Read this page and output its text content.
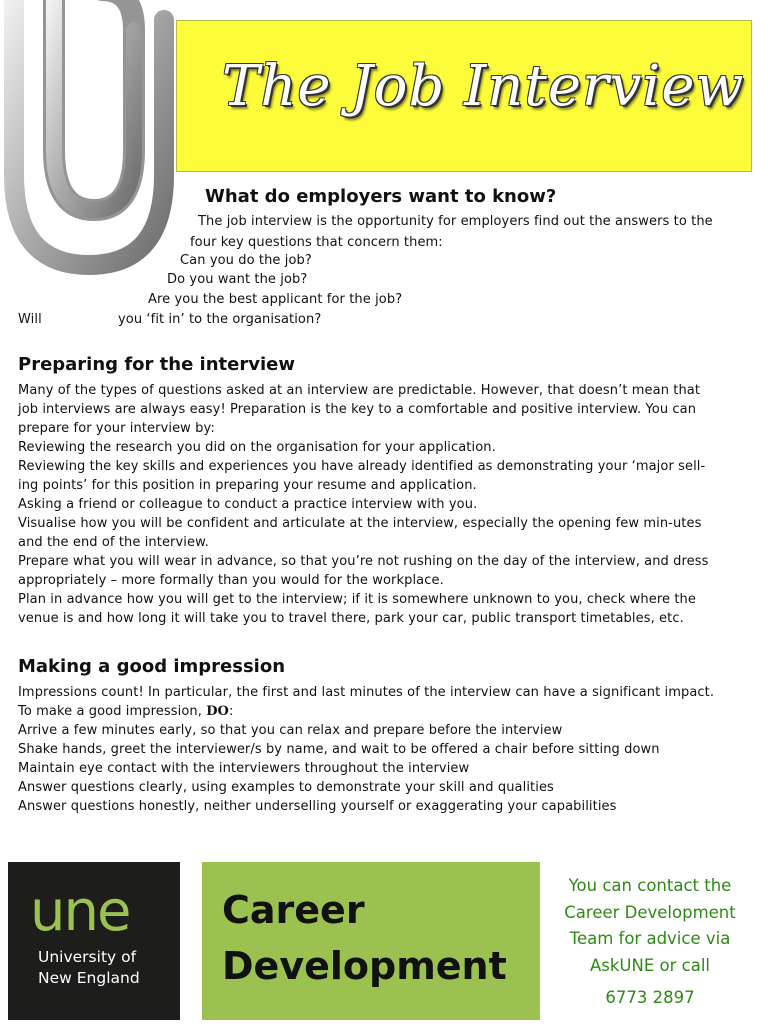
The Job Interview
What do employers want to know?
The job interview is the opportunity for employers find out the answers to the
four key questions that concern them:
Can you do the job?
Do you want the job?
Are you the best applicant for the job?
Will	you ‘fit in’ to the organisation?
Preparing for the interview
Many of the types of questions asked at an interview are predictable. However, that doesn’t mean that
job interviews are always easy! Preparation is the key to a comfortable and positive interview. You can
prepare for your interview by:
Reviewing the research you did on the organisation for your application.
Reviewing the key skills and experiences you have already identified as demonstrating your ‘major sell-
ing points’ for this position in preparing your resume and application.
Asking a friend or colleague to conduct a practice interview with you.
Visualise how you will be confident and articulate at the interview, especially the opening few min-utes
and the end of the interview.
Prepare what you will wear in advance, so that you’re not rushing on the day of the interview, and dress
appropriately – more formally than you would for the workplace.
Plan in advance how you will get to the interview; if it is somewhere unknown to you, check where the
venue is and how long it will take you to travel there, park your car, public transport timetables, etc.
Making a good impression
Impressions count! In particular, the first and last minutes of the interview can have a significant impact.
To make a good impression, DO:
Arrive a few minutes early, so that you can relax and prepare before the interview
Shake hands, greet the interviewer/s by name, and wait to be offered a chair before sitting down
Maintain eye contact with the interviewers throughout the interview
Answer questions clearly, using examples to demonstrate your skill and qualities
Answer questions honestly, neither underselling yourself or exaggerating your capabilities
une
University of
New England
Career
Development
You can contact the
Career Development
Team for advice via
AskUNE or call
6773 2897
